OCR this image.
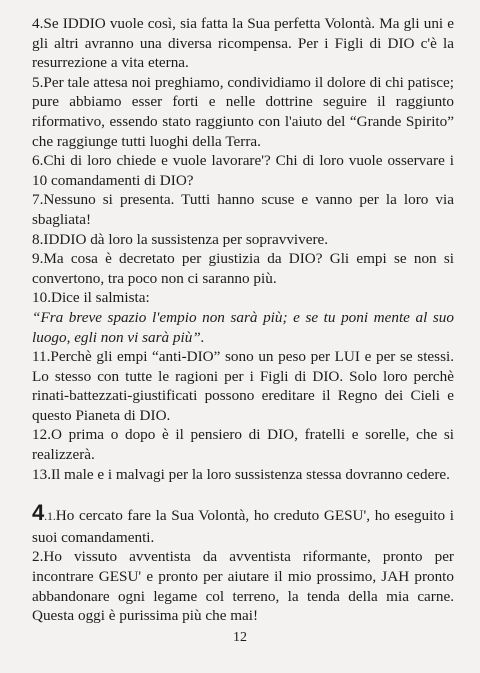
4.Se IDDIO vuole così, sia fatta la Sua perfetta Volontà. Ma gli uni e gli altri avranno una diversa ricompensa. Per i Figli di DIO c'è la resurrezione a vita eterna.

5.Per tale attesa noi preghiamo, condividiamo il dolore di chi patisce; pure abbiamo esser forti e nelle dottrine seguire il raggiunto riformativo, essendo stato raggiunto con l'aiuto del “Grande Spirito” che raggiunge tutti luoghi della Terra.

6.Chi di loro chiede e vuole lavorare'? Chi di loro vuole osservare i 10 comandamenti di DIO?

7.Nessuno si presenta. Tutti hanno scuse e vanno per la loro via sbagliata!

8.IDDIO dà loro la sussistenza per sopravvivere.

9.Ma cosa è decretato per giustizia da DIO? Gli empi se non si convertono, tra poco non ci saranno più.

10.Dice il salmista:

“Fra breve spazio l'empio non sarà più; e se tu poni mente al suo luogo, egli non vi sarà più”.

11.Perchè gli empi “anti-DIO” sono un peso per LUI e per se stessi. Lo stesso con tutte le ragioni per i Figli di DIO. Solo loro perchè rinati-battezzati-giustificati possono ereditare il Regno dei Cieli e questo Pianeta di DIO.

12.O prima o dopo è il pensiero di DIO, fratelli e sorelle, che si realizzerà.

13.Il male e i malvagi per la loro sussistenza stessa dovranno cedere.

4.1.Ho cercato fare la Sua Volontà, ho creduto GESU', ho eseguito i suoi comandamenti.

2.Ho vissuto avventista da avventista riformante, pronto per incontrare GESU' e pronto per aiutare il mio prossimo, JAH pronto abbandonare ogni legame col terreno, la tenda della mia carne. Questa oggi è purissima più che mai!

12
